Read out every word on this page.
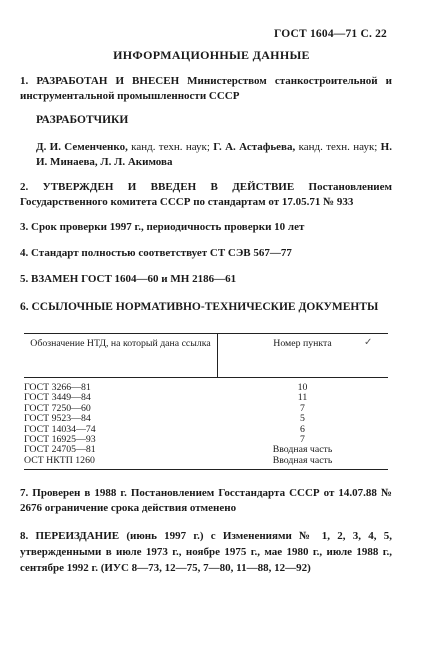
ГОСТ 1604—71 С. 22
ИНФОРМАЦИОННЫЕ ДАННЫЕ
1. РАЗРАБОТАН И ВНЕСЕН Министерством станкостроительной и инструментальной промышленности СССР
РАЗРАБОТЧИКИ
Д. И. Семенченко, канд. техн. наук; Г. А. Астафьева, канд. техн. наук; Н. И. Минаева, Л. Л. Акимова
2. УТВЕРЖДЕН И ВВЕДЕН В ДЕЙСТВИЕ Постановлением Государственного комитета СССР по стандартам от 17.05.71 № 933
3. Срок проверки 1997 г., периодичность проверки 10 лет
4. Стандарт полностью соответствует СТ СЭВ 567—77
5. ВЗАМЕН ГОСТ 1604—60 и МН 2186—61
6. ССЫЛОЧНЫЕ НОРМАТИВНО-ТЕХНИЧЕСКИЕ ДОКУМЕНТЫ
Обозначение НТД, на который дана ссылка	Номер пункта	✓
ГОСТ 3266—81	10
ГОСТ 3449—84	11
ГОСТ 7250—60	7
ГОСТ 9523—84	5
ГОСТ 14034—74	6
ГОСТ 16925—93	7
ГОСТ 24705—81	Вводная часть
ОСТ НКТП 1260	Вводная часть
7. Проверен в 1988 г. Постановлением Госстандарта СССР от 14.07.88 № 2676 ограничение срока действия отменено
8. ПЕРЕИЗДАНИЕ (июнь 1997 г.) с Изменениями № 1, 2, 3, 4, 5, утвержденными в июле 1973 г., ноябре 1975 г., мае 1980 г., июле 1988 г., сентябре 1992 г. (ИУС 8—73, 12—75, 7—80, 11—88, 12—92)
